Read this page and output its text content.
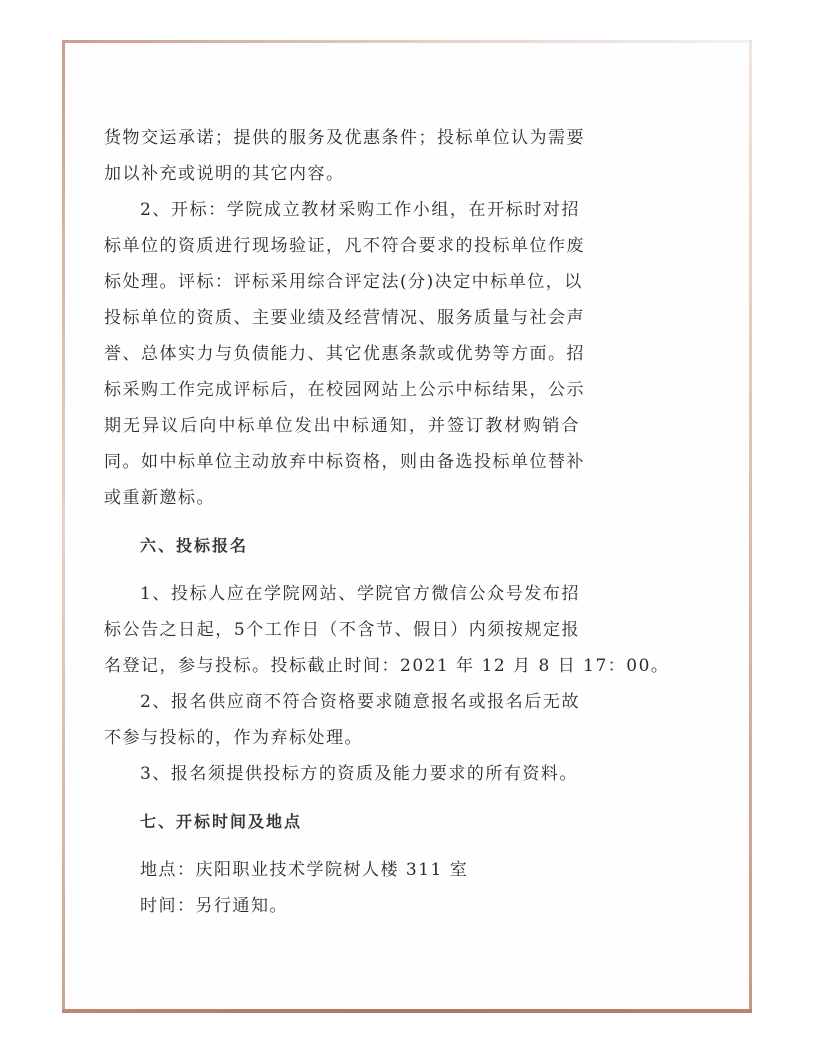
货物交运承诺；提供的服务及优惠条件；投标单位认为需要
加以补充或说明的其它内容。
2、开标：学院成立教材采购工作小组，在开标时对招
标单位的资质进行现场验证，凡不符合要求的投标单位作废
标处理。评标：评标采用综合评定法(分)决定中标单位，以
投标单位的资质、主要业绩及经营情况、服务质量与社会声
誉、总体实力与负债能力、其它优惠条款或优势等方面。招
标采购工作完成评标后，在校园网站上公示中标结果，公示
期无异议后向中标单位发出中标通知，并签订教材购销合
同。如中标单位主动放弃中标资格，则由备选投标单位替补
或重新邀标。
六、投标报名
1、投标人应在学院网站、学院官方微信公众号发布招
标公告之日起，5个工作日（不含节、假日）内须按规定报
名登记，参与投标。投标截止时间：2021 年 12 月 8 日 17：00。
2、报名供应商不符合资格要求随意报名或报名后无故
不参与投标的，作为弃标处理。
3、报名须提供投标方的资质及能力要求的所有资料。
七、开标时间及地点
地点：庆阳职业技术学院树人楼 311 室
时间：另行通知。
